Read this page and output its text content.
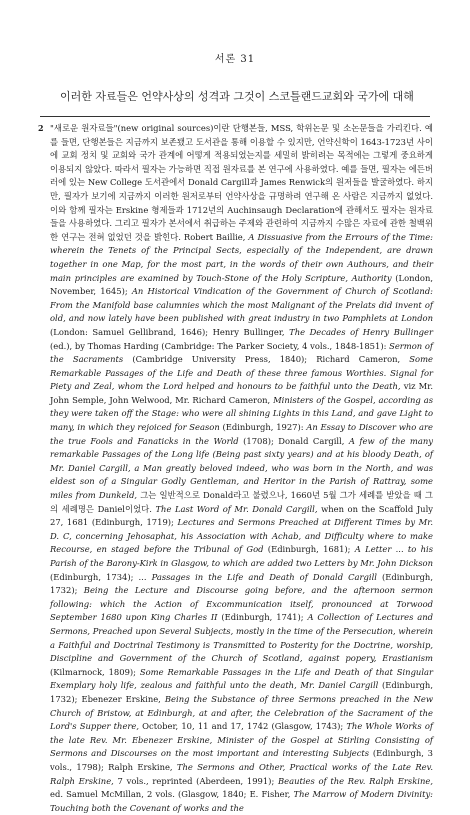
서론 31
이러한 자료들은 언약사상의 성격과 그것이 스코틀랜드교회와 국가에 대해
2 "새로운 원자료들"(new original sources)이란 단행본들, MSS, 학위논문 및 소논문들을 가리킨다. 예를 들면, 단행본들은 지금까지 보존됐고 도서관을 통해 이용할 수 있지만, 언약신학이 1643-1723년 사이에 교회 정치 및 교회와 국가 관계에 어떻게 적용되었는지를 세밀히 밝히려는 목적에는 그렇게 중요하게 이용되지 않았다. 따라서 필자는 가능하면 직접 원자료를 본 연구에 사용하였다. 예를 들면, 필자는 에든버러에 있는 New College 도서관에서 Donald Cargill과 James Renwick의 원저들을 발굴하였다. 하지만, 필자가 보기에 지금까지 이러한 원저로부터 언약사상을 규명하려 연구해 온 사람은 지금까지 없었다. 이와 함께 필자는 Erskine 형제들과 1712년의 Auchinsaugh Declaration에 관해서도 필자는 원자료들을 사용하였다. 그리고 필자가 본서에서 취급하는 주제와 관련하여 지금까지 수많은 자료에 관한 철백위한 연구는 전혀 없었던 것을 밝힌다. Robert Baillie, A Dissuasive from the Errours of the Time: wherein the Tenets of the Principal Sects, especially of the Independent, are drawn together in one Map, for the most part, in the words of their own Authours, and their main principles are examined by Touch-Stone of the Holy Scripture, Authority (London, November, 1645); An Historical Vindication of the Government of Church of Scotland: From the Manifold base calumnies which the most Malignant of the Prelats did invent of old, and now lately have been published with great industry in two Pamphlets at London (London: Samuel Gellibrand, 1646); Henry Bullinger, The Decades of Henry Bullinger (ed.), by Thomas Harding (Cambridge: The Parker Society, 4 vols., 1848-1851): Sermon of the Sacraments (Cambridge University Press, 1840); Richard Cameron, Some Remarkable Passages of the Life and Death of these three famous Worthies. Signal for Piety and Zeal, whom the Lord helped and honours to be faithful unto the Death, viz Mr. John Semple, John Welwood, Mr. Richard Cameron, Ministers of the Gospel, according as they were taken off the Stage: who were all shining Lights in this Land, and gave Light to many, in which they rejoiced for Season (Edinburgh, 1927): An Essay to Discover who are the true Fools and Fanaticks in the World (1708); Donald Cargill, A few of the many remarkable Passages of the Long life (Being past sixty years) and at his bloody Death, of Mr. Daniel Cargill, a Man greatly beloved indeed, who was born in the North, and was eldest son of a Singular Godly Gentleman, and Heritor in the Parish of Rattray, some miles from Dunkeld, 그는 일반적으로 Donald라고 불렸으나, 1660년 5월 그가 세례를 받았을 때 그의 세례명은 Daniel이었다. The Last Word of Mr. Donald Cargill, when on the Scaffold July 27, 1681 (Edinburgh, 1719); Lectures and Sermons Preached at Different Times by Mr. D. C, concerning Jehosaphat, his Association with Achab, and Difficulty where to make Recourse, en staged before the Tribunal of God (Edinburgh, 1681); A Letter ... to his Parish of the Barony-Kirk in Glasgow, to which are added two Letters by Mr. John Dickson (Edinburgh, 1734); ... Passages in the Life and Death of Donald Cargill (Edinburgh, 1732); Being the Lecture and Discourse going before, and the afternoon sermon following: which the Action of Excommunication itself, pronounced at Torwood September 1680 upon King Charles II (Edinburgh, 1741); A Collection of Lectures and Sermons, Preached upon Several Subjects, mostly in the time of the Persecution, wherein a Faithful and Doctrinal Testimony is Transmitted to Posterity for the Doctrine, worship, Discipline and Government of the Church of Scotland, against popery, Erastianism (Kilmarnock, 1809); Some Remarkable Passages in the Life and Death of that Singular Exemplary holy life, zealous and faithful unto the death, Mr. Daniel Cargill (Edinburgh, 1732); Ebenezer Erskine, Being the Substance of three Sermons preached in the New Church of Bristow, at Edinburgh, at and after, the Celebration of the Sacrament of the Lord's Supper there, October, 10, 11 and 17, 1742 (Glasgow, 1743); The Whole Works of the late Rev. Mr. Ebenezer Erskine, Minister of the Gospel at Stirling Consisting of Sermons and Discourses on the most important and interesting Subjects (Edinburgh, 3 vols., 1798); Ralph Erskine, The Sermons and Other, Practical works of the Late Rev. Ralph Erskine, 7 vols., reprinted (Aberdeen, 1991); Beauties of the Rev. Ralph Erskine, ed. Samuel McMillan, 2 vols. (Glasgow, 1840; E. Fisher, The Marrow of Modern Divinity: Touching both the Covenant of works and the
